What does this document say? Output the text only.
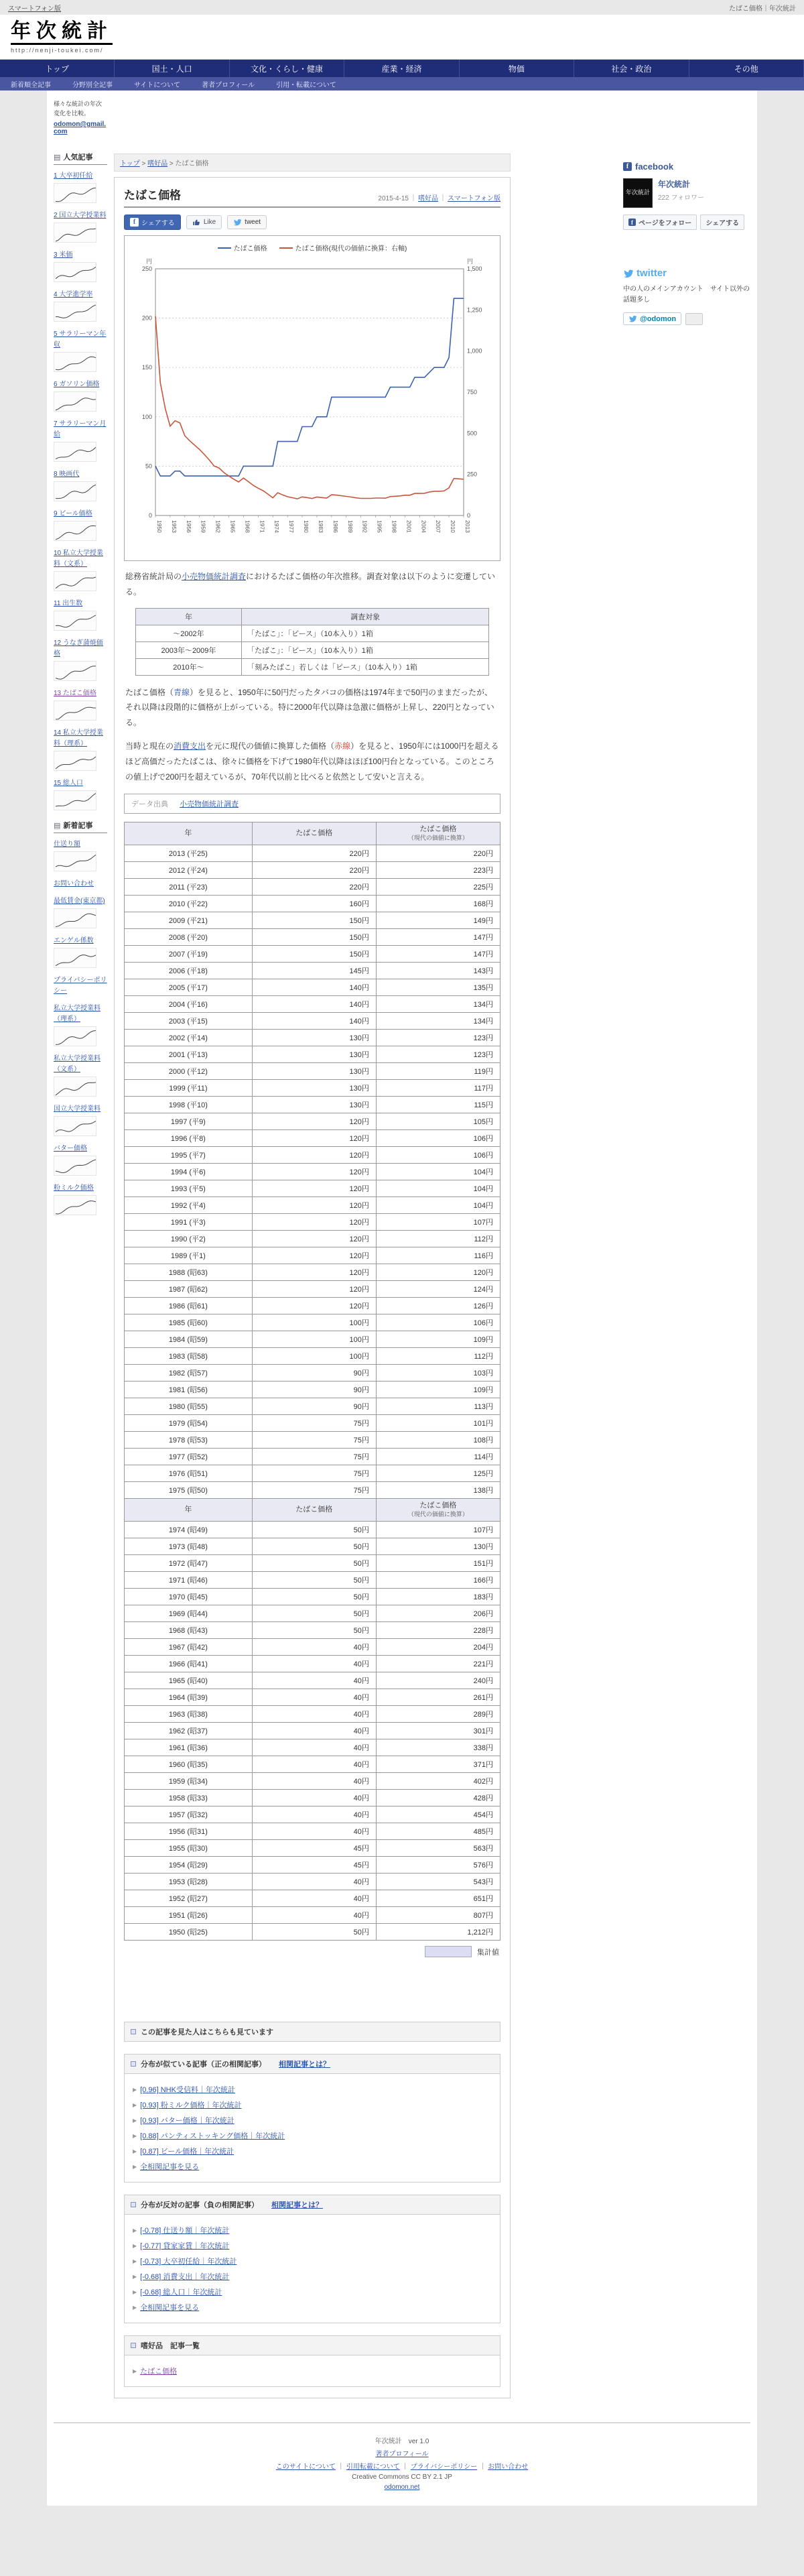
スマートフォン版	たばこ価格｜年次統計
年次統計
http://nenji-toukei.com/
トップ	国土・人口	文化・くらし・健康	産業・経済	物価	社会・政治	その他
新着順全記事	分野別全記事	サイトについて	著者プロフィール	引用・転載について

様々な統計の年次変化を比較。

odomon@gmail.com
▤ 人気記事
1 大卒初任給
2 国立大学授業料
3 米価
4 大学進学率
5 サラリーマン年収
6 ガソリン価格
7 サラリーマン月給
8 映画代
9 ビール価格
10 私立大学授業料（文系）
11 出生数
12 うなぎ蒲焼価格
13 たばこ価格
14 私立大学授業料（理系）
15 総人口
▤ 新着記事
仕送り額
お問い合わせ
最低賃金(東京都)
エンゲル係数
プライバシーポリシー
私立大学授業料（理系）
私立大学授業料（文系）
国立大学授業料
バター価格
粉ミルク価格
トップ > 嗜好品 > たばこ価格
たばこ価格	2015-4-15 ｜ 嗜好品 ｜ スマートフォン版
f シェアする	Like	tweet
たばこ価格	たばこ価格(現代の価値に換算：右軸)
0
50
100
150
200
250
0
250
500
750
1,000
1,250
1,500
円	円
1950 1953 1956 1959 1962 1965 1968 1971 1974 1977 1980 1983 1986 1989 1992 1995 1998 2001 2004 2007 2010 2013

総務省統計局の小売物価統計調査におけるたばこ価格の年次推移。調査対象は以下のように変遷している。

年	調査対象
～2002年	「たばこ」：「ピース」（10本入り）1箱
2003年～2009年	「たばこ」：「ピース」（10本入り）1箱
2010年～	「刻みたばこ」若しくは「ピース」（10本入り）1箱

たばこ価格（青線）を見ると、1950年に50円だったタバコの価格は1974年まで50円のままだったが、それ以降は段階的に価格が上がっている。特に2000年代以降は急激に価格が上昇し、220円となっている。

当時と現在の消費支出を元に現代の価値に換算した価格（赤線）を見ると、1950年には1000円を超えるほど高価だったたばこは、徐々に価格を下げて1980年代以降はほぼ100円台となっている。このところの値上げで200円を超えているが、70年代以前と比べると依然として安いと言える。

データ出典 小売物価統計調査
年	たばこ価格	たばこ価格
（現代の価値に換算）

2013 (平25)	220円	220円
2012 (平24)	220円	223円
2011 (平23)	220円	225円
2010 (平22)	160円	168円
2009 (平21)	150円	149円
2008 (平20)	150円	147円
2007 (平19)	150円	147円
2006 (平18)	145円	143円
2005 (平17)	140円	135円
2004 (平16)	140円	134円
2003 (平15)	140円	134円
2002 (平14)	130円	123円
2001 (平13)	130円	123円
2000 (平12)	130円	119円
1999 (平11)	130円	117円
1998 (平10)	130円	115円
1997 (平9)	120円	105円
1996 (平8)	120円	106円
1995 (平7)	120円	106円
1994 (平6)	120円	104円
1993 (平5)	120円	104円
1992 (平4)	120円	104円
1991 (平3)	120円	107円
1990 (平2)	120円	112円
1989 (平1)	120円	116円
1988 (昭63)	120円	120円
1987 (昭62)	120円	124円
1986 (昭61)	120円	126円
1985 (昭60)	100円	106円
1984 (昭59)	100円	109円
1983 (昭58)	100円	112円
1982 (昭57)	90円	103円
1981 (昭56)	90円	109円
1980 (昭55)	90円	113円
1979 (昭54)	75円	101円
1978 (昭53)	75円	108円
1977 (昭52)	75円	114円
1976 (昭51)	75円	125円
1975 (昭50)	75円	138円

年	たばこ価格	たばこ価格
（現代の価値に換算）

1974 (昭49)	50円	107円
1973 (昭48)	50円	130円
1972 (昭47)	50円	151円
1971 (昭46)	50円	166円
1970 (昭45)	50円	183円
1969 (昭44)	50円	206円
1968 (昭43)	50円	228円
1967 (昭42)	40円	204円
1966 (昭41)	40円	221円
1965 (昭40)	40円	240円
1964 (昭39)	40円	261円
1963 (昭38)	40円	289円
1962 (昭37)	40円	301円
1961 (昭36)	40円	338円
1960 (昭35)	40円	371円
1959 (昭34)	40円	402円
1958 (昭33)	40円	428円
1957 (昭32)	40円	454円
1956 (昭31)	40円	485円
1955 (昭30)	45円	563円
1954 (昭29)	45円	576円
1953 (昭28)	40円	543円
1952 (昭27)	40円	651円
1951 (昭26)	40円	807円
1950 (昭25)	50円	1,212円
集計値
この記事を見た人はこちらも見ています
分布が似ている記事（正の相関記事） 相関記事とは？
▶ [0.96] NHK受信料｜年次統計
▶ [0.93] 粉ミルク価格｜年次統計
▶ [0.93] バター価格｜年次統計
▶ [0.88] パンティストッキング価格｜年次統計
▶ [0.87] ビール価格｜年次統計
▶ 全相関記事を見る
分布が反対の記事（負の相関記事） 相関記事とは？
▶ [-0.78] 仕送り額｜年次統計
▶ [-0.77] 貸家家賃｜年次統計
▶ [-0.73] 大卒初任給｜年次統計
▶ [-0.68] 消費支出｜年次統計
▶ [-0.68] 総人口｜年次統計
▶ 全相関記事を見る
嗜好品　記事一覧
▶ たばこ価格
f facebook
年次統計
年次統計
222 フォロワー
f ページをフォロー シェアする
twitter

中の人のメインアカウント　サイト以外の話題多し

@odomon
年次統計　ver 1.0
著者プロフィール
このサイトについて ｜ 引用転載について ｜ プライバシーポリシー ｜ お問い合わせ
Creative Commons CC BY 2.1 JP
odomon.net
